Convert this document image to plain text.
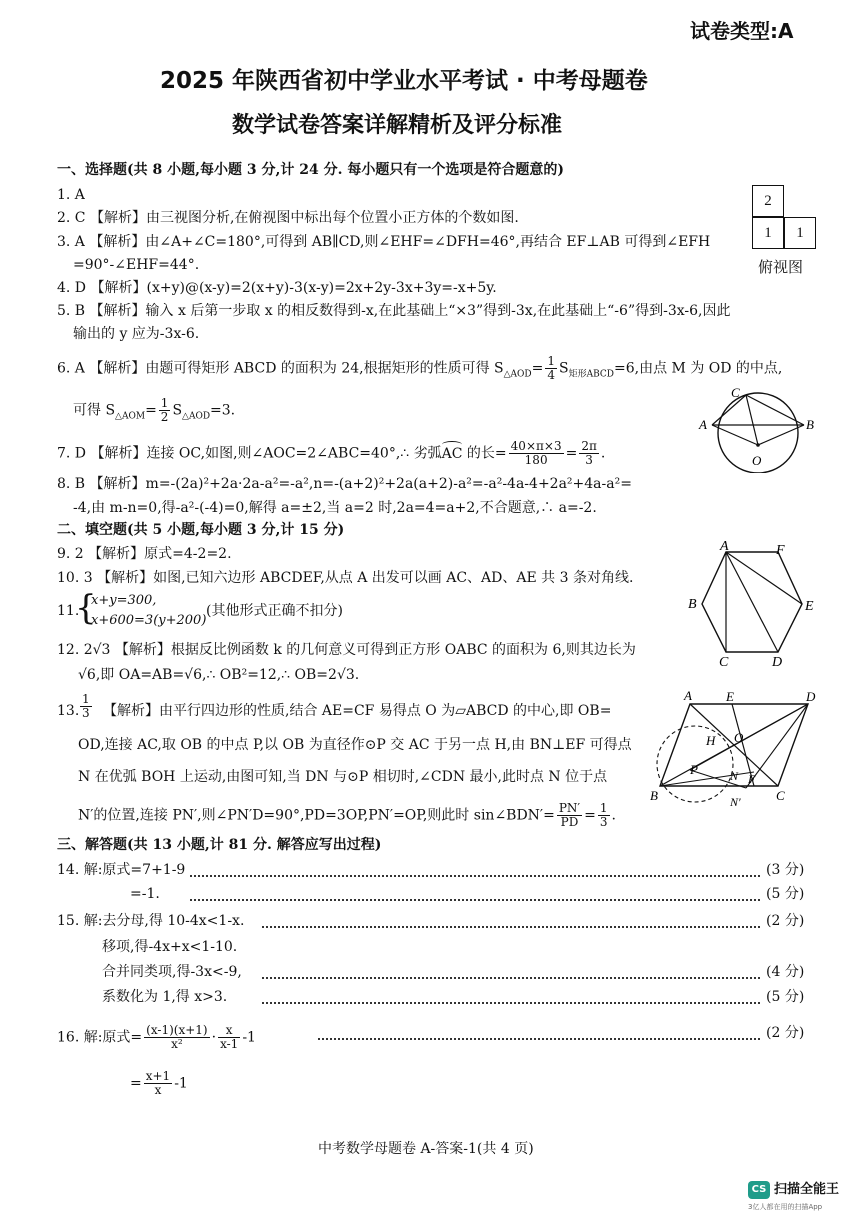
试卷类型:A
2025 年陕西省初中学业水平考试 · 中考母题卷
数学试卷答案详解精析及评分标准
一、选择题(共 8 小题,每小题 3 分,计 24 分. 每小题只有一个选项是符合题意的)
1. A
2. C 【解析】由三视图分析,在俯视图中标出每个位置小正方体的个数如图.
3. A 【解析】由∠A+∠C=180°,可得到 AB∥CD,则∠EHF=∠DFH=46°,再结合 EF⊥AB 可得到∠EFH
=90°-∠EHF=44°.
4. D 【解析】(x+y)@(x-y)=2(x+y)-3(x-y)=2x+2y-3x+3y=-x+5y.
5. B 【解析】输入 x 后第一步取 x 的相反数得到-x,在此基础上“×3”得到-3x,在此基础上“-6”得到-3x-6,因此
输出的 y 应为-3x-6.
6. A 【解析】由题可得矩形 ABCD 的面积为 24,根据矩形的性质可得 $S_{\triangle AOD}= \frac{1}{4} S_{矩形ABCD}=6$,由点 M 为 OD 的中点,
可得 $S_{\triangle AOM}= \frac{1}{2} S_{\triangle AOD}=3$.
7. D 【解析】连接 OC,如图,则∠AOC=2∠ABC=40°,∴ 劣弧
AC 的长= $\frac{40\times\pi\times 3}{180} = \frac{2\pi}{3}$ .
8. B 【解析】m=-(2a)²+2a·2a-a²=-a²,n=-(a+2)²+2a(a+2)-a²=-a²-4a-4+2a²+4a-a²=
-4,由 m-n=0,得-a²-(-4)=0,解得 a=±2,当 a=2 时,2a=4=a+2,不合题意,∴ a=-2.
2
1	1
俯视图
C
A	B
O
二、填空题(共 5 小题,每小题 3 分,计 15 分)
9. 2 【解析】原式=4-2=2.
10. 3 【解析】如图,已知六边形 ABCDEF,从点 A 出发可以画 AC、AD、AE 共 3 条对角线.
11.
{
x+y=300,
x+600=3(y+200)
(其他形式正确不扣分)
12. 2√3 【解析】根据反比例函数 k 的几何意义可得到正方形 OABC 的面积为 6,则其边长为
√6,即 OA=AB=√6,∴ OB²=12,∴ OB=2√3.
13. $\frac{1}{3}$ 【解析】由平行四边形的性质,结合 AE=CF 易得点 O 为▱ABCD 的中心,即 OB=
OD,连接 AC,取 OB 的中点 P,以 OB 为直径作⊙P 交 AC 于另一点 H,由 BN⊥EF 可得点
N 在优弧 BOH 上运动,由图可知,当 DN 与⊙P 相切时,∠CDN 最小,此时点 N 位于点
N′的位置,连接 PN′,则∠PN′D=90°,PD=3OP,PN′=OP,则此时 sin∠BDN′= $\frac{PN'}{PD} = \frac{1}{3}$ .
A	F
B	E
C	D
A	E	D
H O
P	N F
B	N′	C
三、解答题(共 13 小题,计 81 分. 解答应写出过程)
14. 解:原式=7+1-9	(3 分)
=-1.	(5 分)
15. 解:去分母,得 10-4x<1-x.	(2 分)
移项,得-4x+x<1-10.
合并同类项,得-3x<-9,	(4 分)
系数化为 1,得 x>3.	(5 分)
16. 解:原式= $\frac{(x-1)(x+1)}{\text{x²}} \cdot \frac{x}{x-1} -1$	(2 分)
= $\frac{x+1}{x} -1$
中考数学母题卷 A-答案-1(共 4 页)
CS 扫描全能王
3亿人都在用的扫描App
